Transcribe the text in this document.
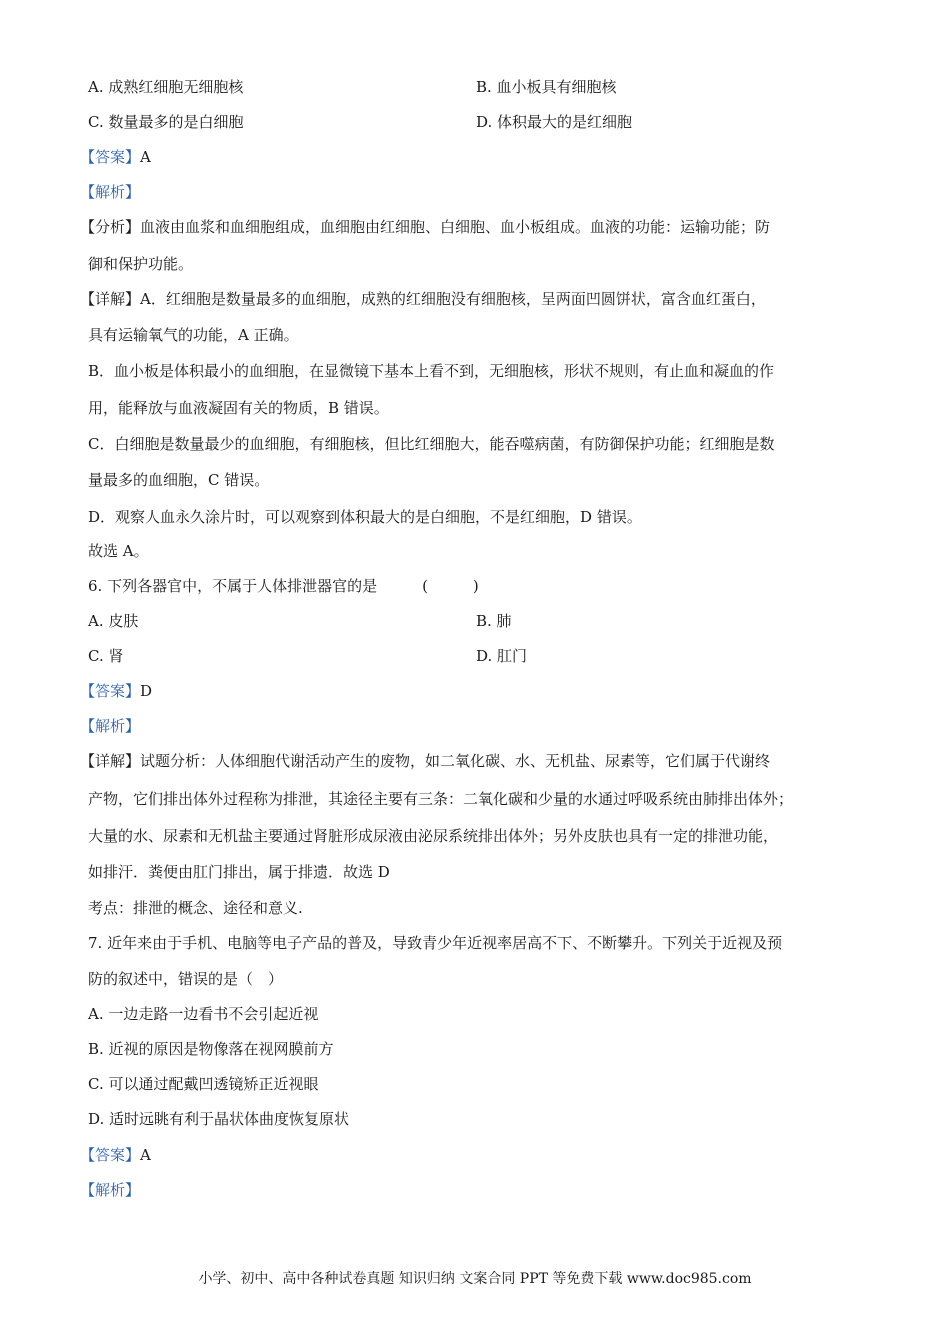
A. 成熟红细胞无细胞核	B. 血小板具有细胞核
C. 数量最多的是白细胞	D. 体积最大的是红细胞
【答案】A
【解析】
【分析】血液由血浆和血细胞组成，血细胞由红细胞、白细胞、血小板组成。血液的功能：运输功能；防
御和保护功能。
【详解】A．红细胞是数量最多的血细胞，成熟的红细胞没有细胞核，呈两面凹圆饼状，富含血红蛋白，
具有运输氧气的功能，A 正确。
B．血小板是体积最小的血细胞，在显微镜下基本上看不到，无细胞核，形状不规则，有止血和凝血的作
用，能释放与血液凝固有关的物质，B 错误。
C．白细胞是数量最少的血细胞，有细胞核，但比红细胞大，能吞噬病菌，有防御保护功能；红细胞是数
量最多的血细胞，C 错误。
D．观察人血永久涂片时，可以观察到体积最大的是白细胞，不是红细胞，D 错误。
故选 A。
6. 下列各器官中，不属于人体排泄器官的是　　　(　　　)
A. 皮肤	B. 肺
C. 肾	D. 肛门
【答案】D
【解析】
【详解】试题分析：人体细胞代谢活动产生的废物，如二氧化碳、水、无机盐、尿素等，它们属于代谢终
产物，它们排出体外过程称为排泄，其途径主要有三条：二氧化碳和少量的水通过呼吸系统由肺排出体外；
大量的水、尿素和无机盐主要通过肾脏形成尿液由泌尿系统排出体外；另外皮肤也具有一定的排泄功能，
如排汗．粪便由肛门排出，属于排遗．故选 D
考点：排泄的概念、途径和意义.
7. 近年来由于手机、电脑等电子产品的普及，导致青少年近视率居高不下、不断攀升。下列关于近视及预
防的叙述中，错误的是（　）
A. 一边走路一边看书不会引起近视
B. 近视的原因是物像落在视网膜前方
C. 可以通过配戴凹透镜矫正近视眼
D. 适时远眺有利于晶状体曲度恢复原状
【答案】A
【解析】
小学、初中、高中各种试卷真题 知识归纳 文案合同 PPT 等免费下载 www.doc985.com
